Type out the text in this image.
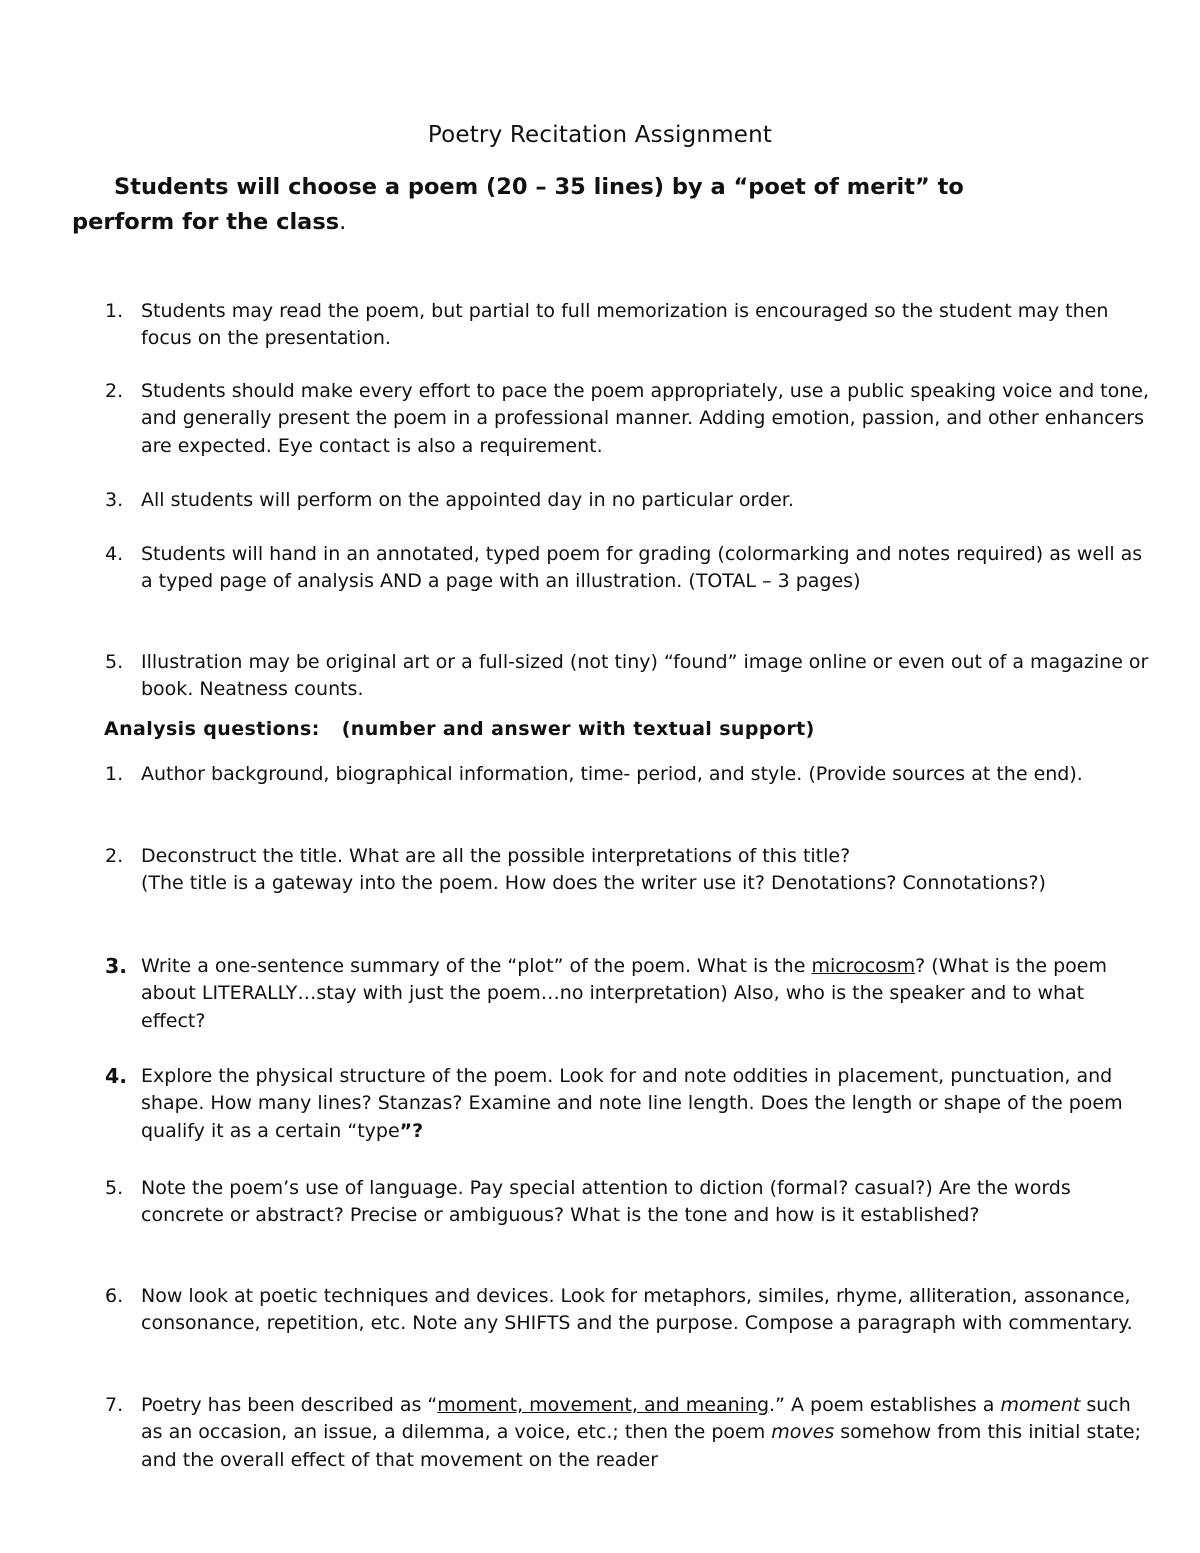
Poetry Recitation Assignment

Students will choose a poem (20 – 35 lines) by a “poet of merit” to

perform for the class.

1. Students may read the poem, but partial to full memorization is encouraged so the student may then focus on the presentation.
2. Students should make every effort to pace the poem appropriately, use a public speaking voice and tone, and generally present the poem in a professional manner. Adding emotion, passion, and other enhancers are expected. Eye contact is also a requirement.
3. All students will perform on the appointed day in no particular order.
4. Students will hand in an annotated, typed poem for grading (colormarking and notes required) as well as a typed page of analysis AND a page with an illustration. (TOTAL – 3 pages)
5. Illustration may be original art or a full-sized (not tiny) “found” image online or even out of a magazine or book. Neatness counts.
Analysis questions: (number and answer with textual support)
1. Author background, biographical information, time- period, and style. (Provide sources at the end).
2. Deconstruct the title. What are all the possible interpretations of this title?
(The title is a gateway into the poem. How does the writer use it? Denotations? Connotations?)
3. Write a one-sentence summary of the “plot” of the poem. What is the microcosm? (What is the poem about LITERALLY…stay with just the poem…no interpretation) Also, who is the speaker and to what effect?
4. Explore the physical structure of the poem. Look for and note oddities in placement, punctuation, and shape. How many lines? Stanzas? Examine and note line length. Does the length or shape of the poem qualify it as a certain “type”?
5. Note the poem’s use of language. Pay special attention to diction (formal? casual?) Are the words concrete or abstract? Precise or ambiguous? What is the tone and how is it established?
6. Now look at poetic techniques and devices. Look for metaphors, similes, rhyme, alliteration, assonance, consonance, repetition, etc. Note any SHIFTS and the purpose. Compose a paragraph with commentary.
7. Poetry has been described as “moment, movement, and meaning.” A poem establishes a moment such as an occasion, an issue, a dilemma, a voice, etc.; then the poem moves somehow from this initial state; and the overall effect of that movement on the reader
